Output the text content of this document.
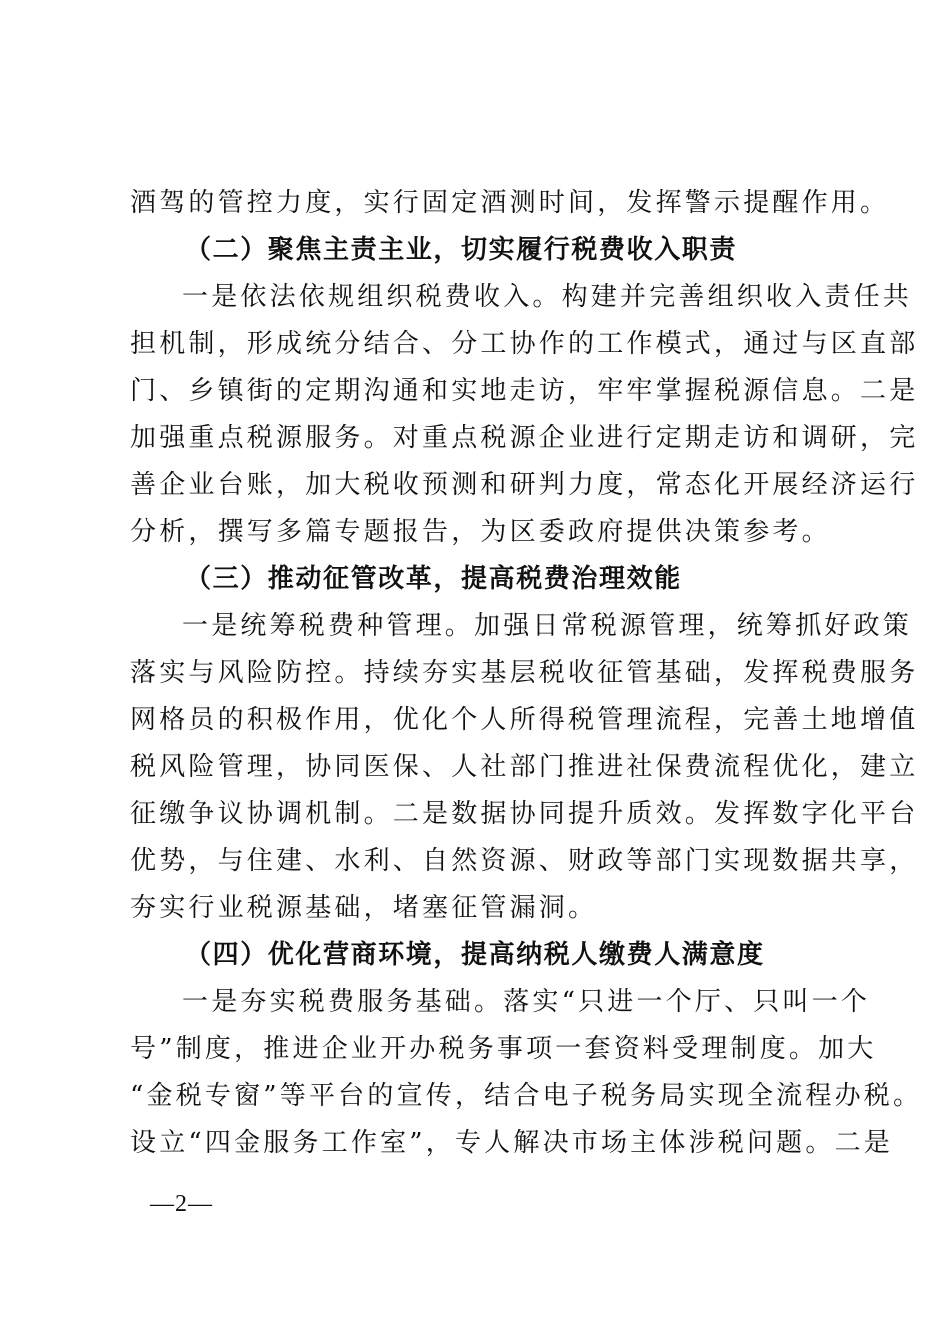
酒驾的管控力度，实行固定酒测时间，发挥警示提醒作用。
（二）聚焦主责主业，切实履行税费收入职责
一是依法依规组织税费收入。构建并完善组织收入责任共
担机制，形成统分结合、分工协作的工作模式，通过与区直部
门、乡镇街的定期沟通和实地走访，牢牢掌握税源信息。二是
加强重点税源服务。对重点税源企业进行定期走访和调研，完
善企业台账，加大税收预测和研判力度，常态化开展经济运行
分析，撰写多篇专题报告，为区委政府提供决策参考。
（三）推动征管改革，提高税费治理效能
一是统筹税费种管理。加强日常税源管理，统筹抓好政策
落实与风险防控。持续夯实基层税收征管基础，发挥税费服务
网格员的积极作用，优化个人所得税管理流程，完善土地增值
税风险管理，协同医保、人社部门推进社保费流程优化，建立
征缴争议协调机制。二是数据协同提升质效。发挥数字化平台
优势，与住建、水利、自然资源、财政等部门实现数据共享，
夯实行业税源基础，堵塞征管漏洞。
（四）优化营商环境，提高纳税人缴费人满意度
一是夯实税费服务基础。落实“只进一个厅、只叫一个
号”制度，推进企业开办税务事项一套资料受理制度。加大
“金税专窗”等平台的宣传，结合电子税务局实现全流程办税。
设立“四金服务工作室”，专人解决市场主体涉税问题。二是
—2—
